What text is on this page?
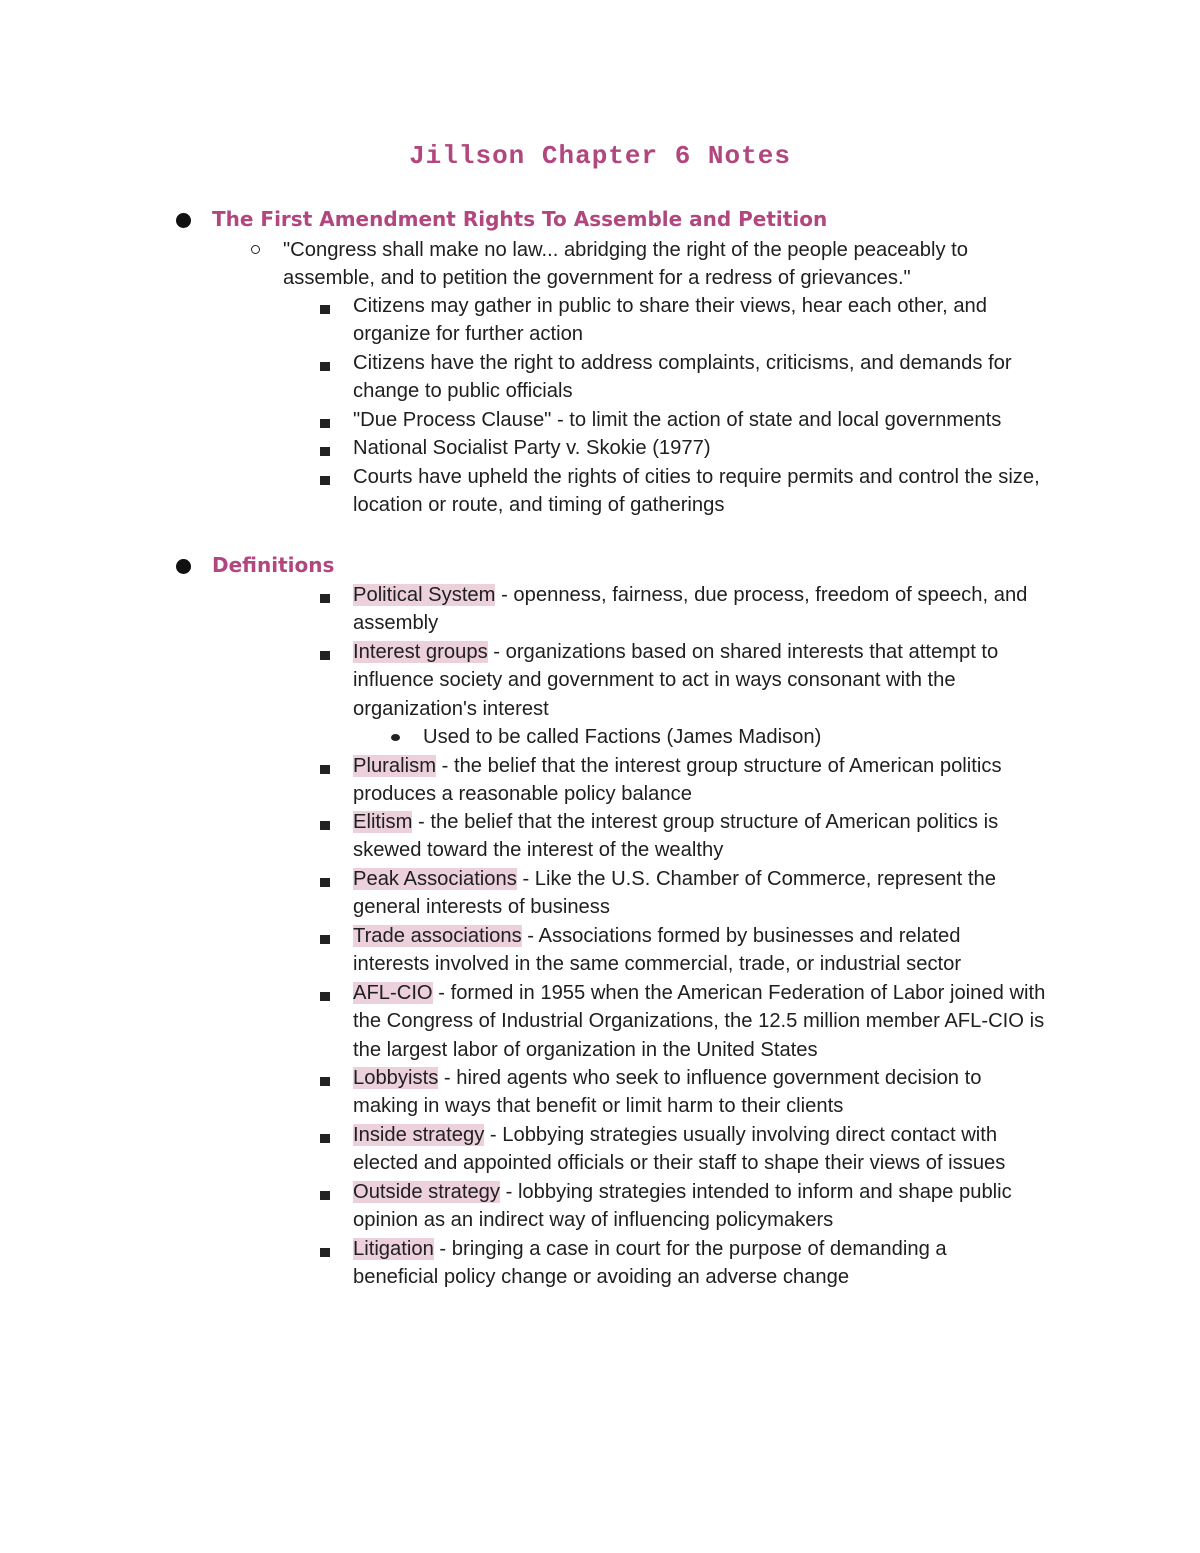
Jillson Chapter 6 Notes
The First Amendment Rights To Assemble and Petition
"Congress shall make no law... abridging the right of the people peaceably to assemble, and to petition the government for a redress of grievances."
Citizens may gather in public to share their views, hear each other, and organize for further action
Citizens have the right to address complaints, criticisms, and demands for change to public officials
"Due Process Clause" - to limit the action of state and local governments
National Socialist Party v. Skokie (1977)
Courts have upheld the rights of cities to require permits and control the size, location or route, and timing of gatherings
Definitions
Political System - openness, fairness, due process, freedom of speech, and assembly
Interest groups - organizations based on shared interests that attempt to influence society and government to act in ways consonant with the organization's interest
Used to be called Factions (James Madison)
Pluralism - the belief that the interest group structure of American politics produces a reasonable policy balance
Elitism - the belief that the interest group structure of American politics is skewed toward the interest of the wealthy
Peak Associations - Like the U.S. Chamber of Commerce, represent the general interests of business
Trade associations - Associations formed by businesses and related interests involved in the same commercial, trade, or industrial sector
AFL-CIO - formed in 1955 when the American Federation of Labor joined with the Congress of Industrial Organizations, the 12.5 million member AFL-CIO is the largest labor of organization in the United States
Lobbyists - hired agents who seek to influence government decision to making in ways that benefit or limit harm to their clients
Inside strategy - Lobbying strategies usually involving direct contact with elected and appointed officials or their staff to shape their views of issues
Outside strategy - lobbying strategies intended to inform and shape public opinion as an indirect way of influencing policymakers
Litigation - bringing a case in court for the purpose of demanding a beneficial policy change or avoiding an adverse change
